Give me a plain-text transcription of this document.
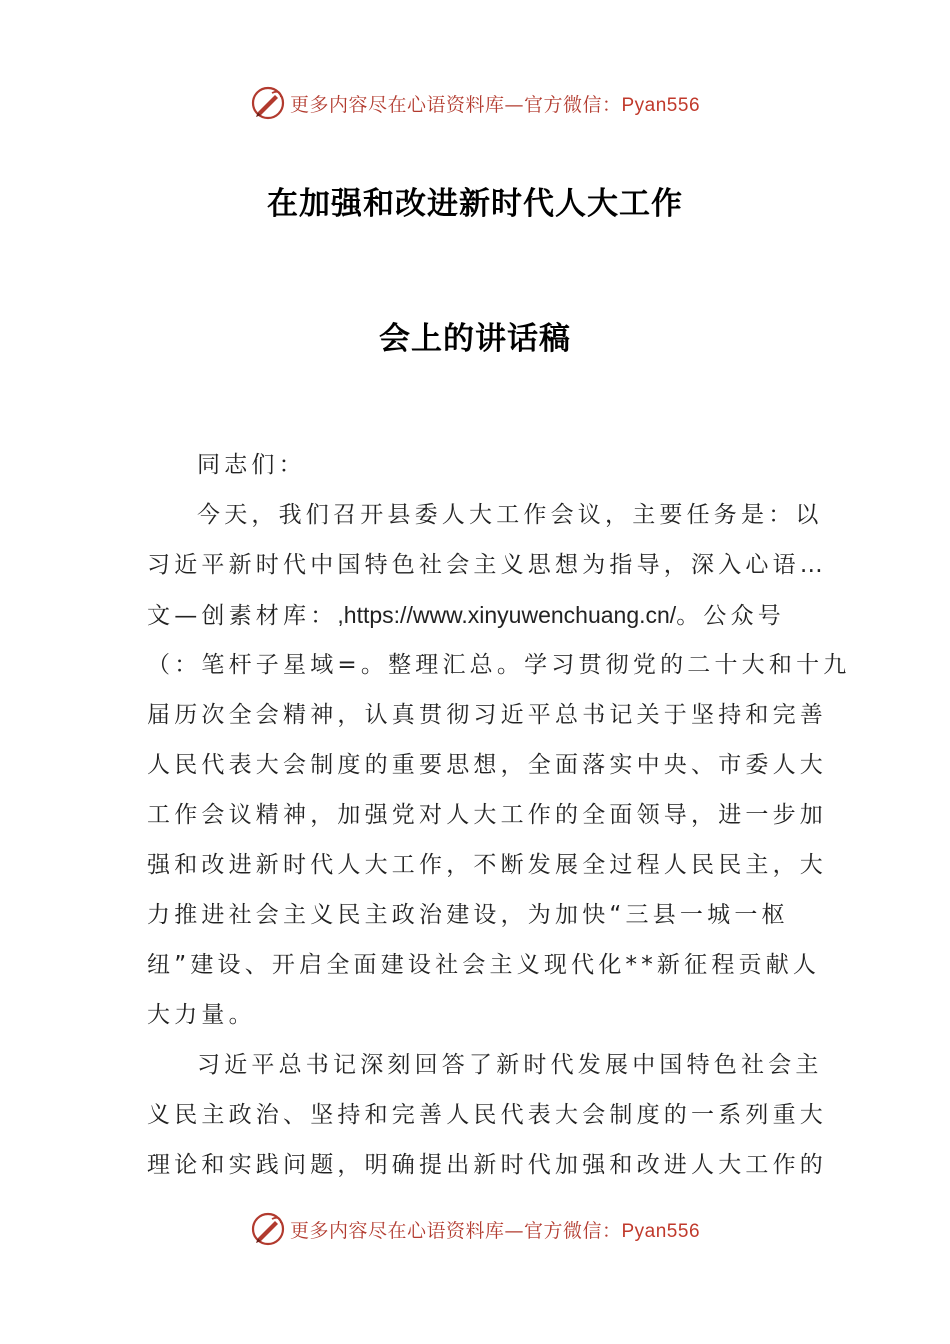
更多内容尽在心语资料库—官方微信：Pyan556
在加强和改进新时代人大工作
会上的讲话稿
同志们：
今天，我们召开县委人大工作会议，主要任务是：以
习近平新时代中国特色社会主义思想为指导，深入心语…
文—创素材库：,https://www.xinyuwenchuang.cn/。公众号
（：笔杆子星域=。整理汇总。学习贯彻党的二十大和十九
届历次全会精神，认真贯彻习近平总书记关于坚持和完善
人民代表大会制度的重要思想，全面落实中央、市委人大
工作会议精神，加强党对人大工作的全面领导，进一步加
强和改进新时代人大工作，不断发展全过程人民民主，大
力推进社会主义民主政治建设，为加快“三县一城一枢
纽”建设、开启全面建设社会主义现代化**新征程贡献人
大力量。
习近平总书记深刻回答了新时代发展中国特色社会主
义民主政治、坚持和完善人民代表大会制度的一系列重大
理论和实践问题，明确提出新时代加强和改进人大工作的
更多内容尽在心语资料库—官方微信：Pyan556
